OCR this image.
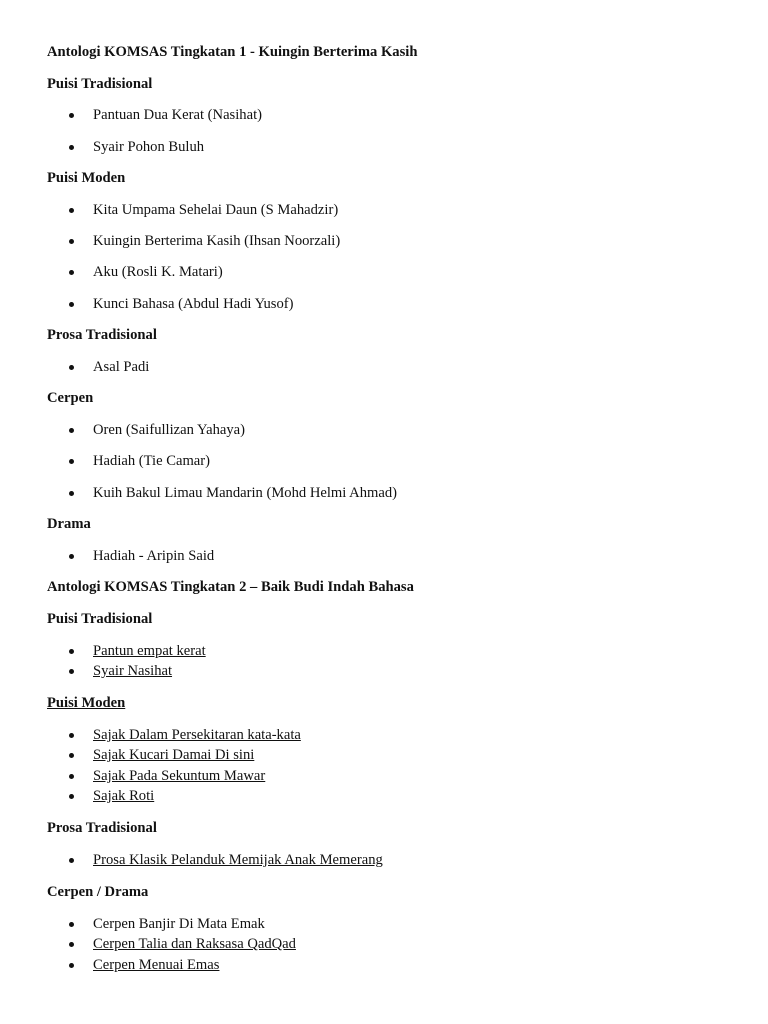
Antologi KOMSAS Tingkatan 1 - Kuingin Berterima Kasih
Puisi Tradisional
Pantuan Dua Kerat (Nasihat)
Syair Pohon Buluh
Puisi Moden
Kita Umpama Sehelai Daun (S Mahadzir)
Kuingin Berterima Kasih (Ihsan Noorzali)
Aku (Rosli K. Matari)
Kunci Bahasa (Abdul Hadi Yusof)
Prosa Tradisional
Asal Padi
Cerpen
Oren (Saifullizan Yahaya)
Hadiah (Tie Camar)
Kuih Bakul Limau Mandarin (Mohd Helmi Ahmad)
Drama
Hadiah - Aripin Said
Antologi KOMSAS Tingkatan 2 – Baik Budi Indah Bahasa
Puisi Tradisional
Pantun empat kerat
Syair Nasihat
Puisi Moden
Sajak Dalam Persekitaran kata-kata
Sajak Kucari Damai Di sini
Sajak Pada Sekuntum Mawar
Sajak Roti
Prosa Tradisional
Prosa Klasik Pelanduk Memijak Anak Memerang
Cerpen / Drama
Cerpen Banjir Di Mata Emak
Cerpen Talia dan Raksasa QadQad
Cerpen Menuai Emas
